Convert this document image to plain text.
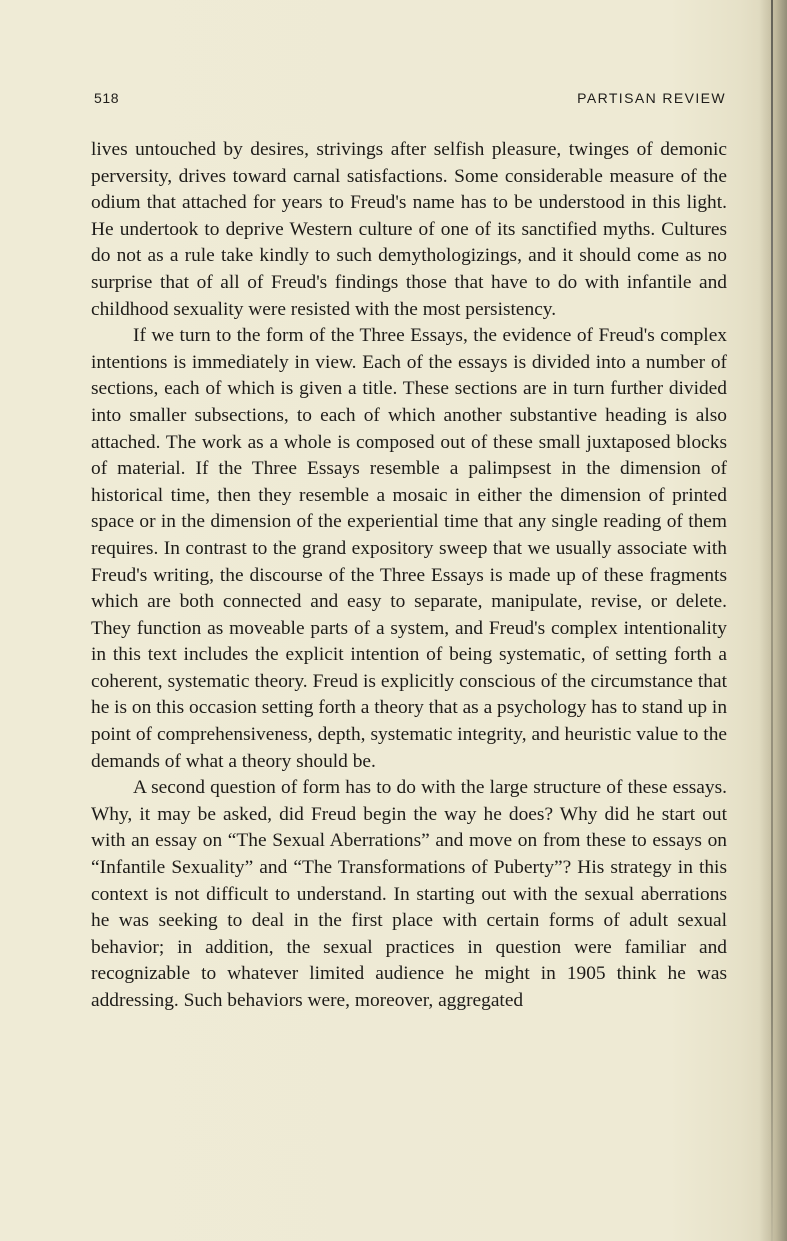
518	PARTISAN REVIEW

lives untouched by desires, strivings after selfish pleasure, twinges of demonic perversity, drives toward carnal satisfactions. Some considerable measure of the odium that attached for years to Freud's name has to be understood in this light. He undertook to deprive Western culture of one of its sanctified myths. Cultures do not as a rule take kindly to such demythologizings, and it should come as no surprise that of all of Freud's findings those that have to do with infantile and childhood sexuality were resisted with the most persistency.

If we turn to the form of the Three Essays, the evidence of Freud's complex intentions is immediately in view. Each of the essays is divided into a number of sections, each of which is given a title. These sections are in turn further divided into smaller subsections, to each of which another substantive heading is also attached. The work as a whole is composed out of these small juxtaposed blocks of material. If the Three Essays resemble a palimpsest in the dimension of historical time, then they resemble a mosaic in either the dimension of printed space or in the dimension of the experiential time that any single reading of them requires. In contrast to the grand expository sweep that we usually associate with Freud's writing, the discourse of the Three Essays is made up of these fragments which are both connected and easy to separate, manipulate, revise, or delete. They function as moveable parts of a system, and Freud's complex intentionality in this text includes the explicit intention of being systematic, of setting forth a coherent, systematic theory. Freud is explicitly conscious of the circumstance that he is on this occasion setting forth a theory that as a psychology has to stand up in point of comprehensiveness, depth, systematic integrity, and heuristic value to the demands of what a theory should be.

A second question of form has to do with the large structure of these essays. Why, it may be asked, did Freud begin the way he does? Why did he start out with an essay on “The Sexual Aberrations” and move on from these to essays on “Infantile Sexuality” and “The Transformations of Puberty”? His strategy in this context is not difficult to understand. In starting out with the sexual aberrations he was seeking to deal in the first place with certain forms of adult sexual behavior; in addition, the sexual practices in question were familiar and recognizable to whatever limited audience he might in 1905 think he was addressing. Such behaviors were, moreover, aggregated
